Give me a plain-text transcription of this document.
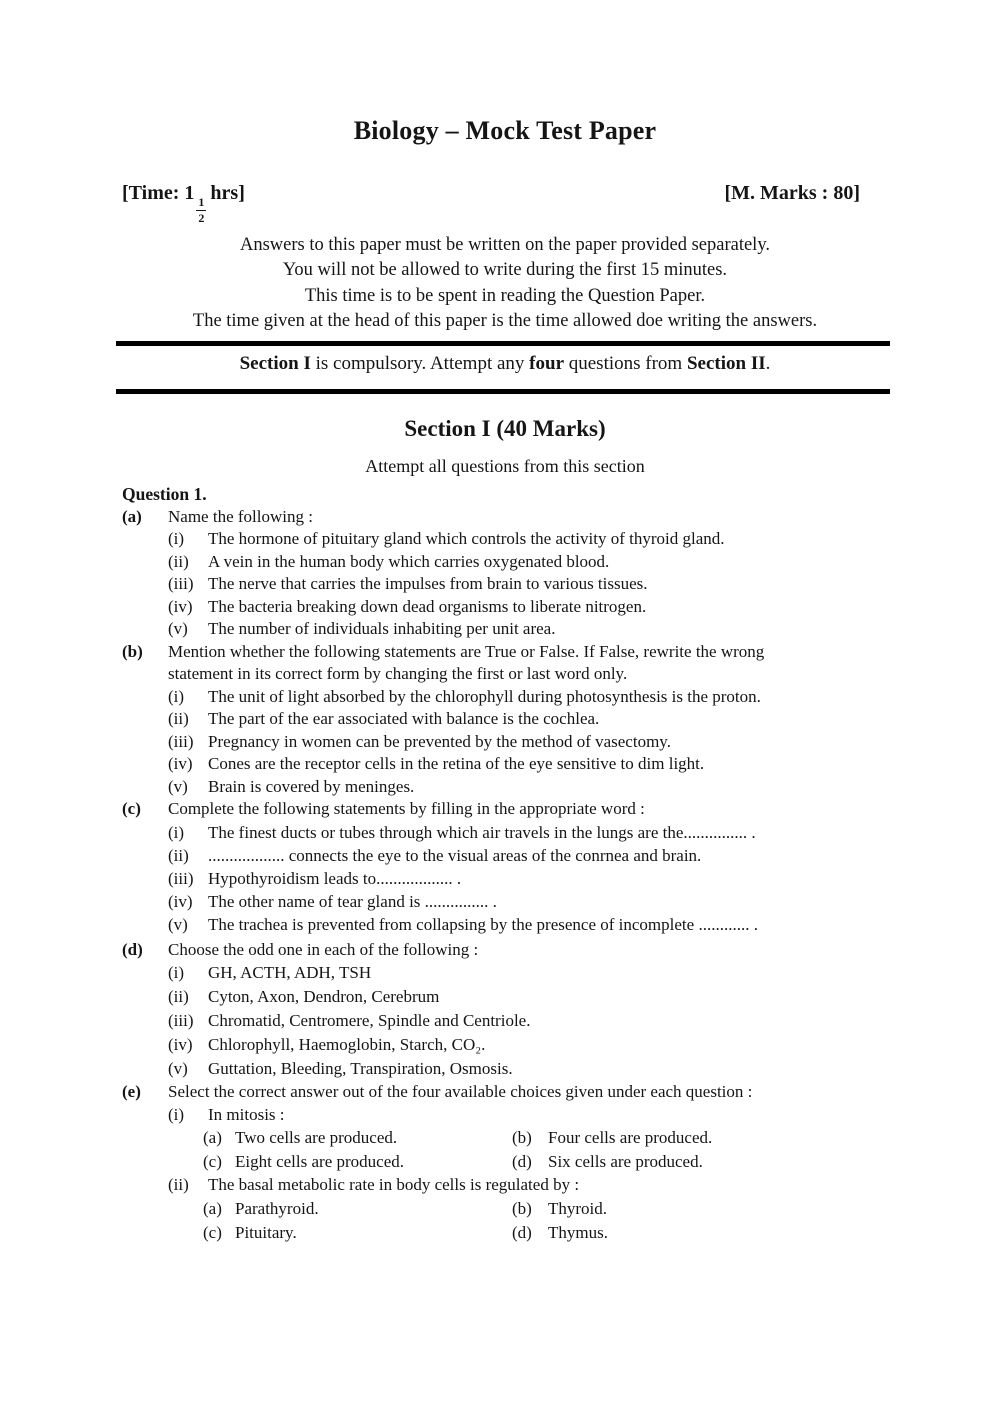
Biology – Mock Test Paper
[Time: 1
$\frac{1}{2}$
hrs]	[M. Marks : 80]

Answers to this paper must be written on the paper provided separately.

You will not be allowed to write during the first 15 minutes.

This time is to be spent in reading the Question Paper.

The time given at the head of this paper is the time allowed doe writing the answers.

Section I is compulsory. Attempt any four questions from Section II.

Section I (40 Marks)

Attempt all questions from this section

Question 1.

(a)	Name the following :

(i)	The hormone of pituitary gland which controls the activity of thyroid gland.
(ii)	A vein in the human body which carries oxygenated blood.
(iii) The nerve that carries the impulses from brain to various tissues.
(iv) The bacteria breaking down dead organisms to liberate nitrogen.
(v)	The number of individuals inhabiting per unit area.
(b)	Mention whether the following statements are True or False. If False, rewrite the wrong statement in its correct form by changing the first or last word only.

(i)	The unit of light absorbed by the chlorophyll during photosynthesis is the proton.
(ii)	The part of the ear associated with balance is the cochlea.
(iii) Pregnancy in women can be prevented by the method of vasectomy.
(iv) Cones are the receptor cells in the retina of the eye sensitive to dim light.
(v)	Brain is covered by meninges.
(c)	Complete the following statements by filling in the appropriate word :

(i)	The finest ducts or tubes through which air travels in the lungs are the............... .
(ii)	.................. connects the eye to the visual areas of the conrnea and brain.
(iii) Hypothyroidism leads to.................. .
(iv) The other name of tear gland is ............... .
(v)	The trachea is prevented from collapsing by the presence of incomplete ............ .
(d)	Choose the odd one in each of the following :

(i)	GH, ACTH, ADH, TSH
(ii)	Cyton, Axon, Dendron, Cerebrum
(iii) Chromatid, Centromere, Spindle and Centriole.
(iv) Chlorophyll, Haemoglobin, Starch, CO₂.
(v)	Guttation, Bleeding, Transpiration, Osmosis.
(e)	Select the correct answer out of the four available choices given under each question :

(i)	In mitosis :

(a) Two cells are produced.	(b) Four cells are produced.
(c) Eight cells are produced.	(d) Six cells are produced.
(ii)	The basal metabolic rate in body cells is regulated by :

(a) Parathyroid.	(b) Thyroid.
(c) Pituitary.	(d) Thymus.
